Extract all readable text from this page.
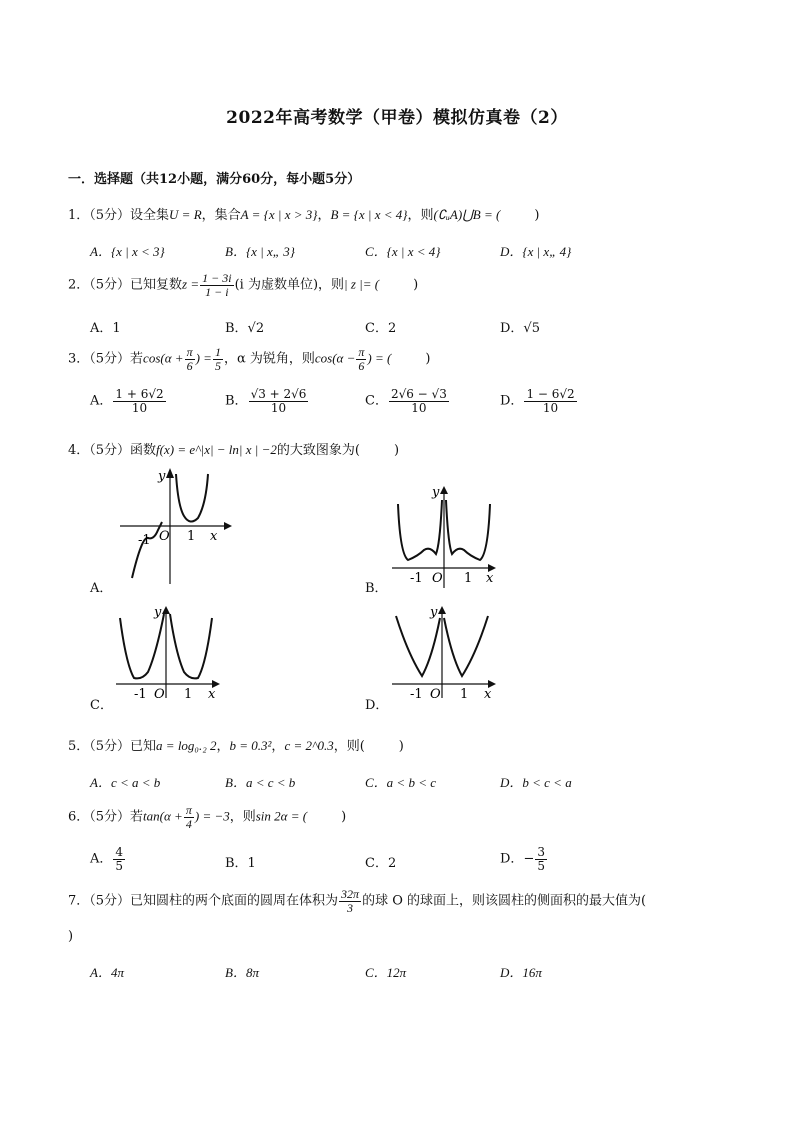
2022年高考数学（甲卷）模拟仿真卷（2）
一．选择题（共12小题，满分60分，每小题5分）
1．（5分）设全集U = R，集合A = {x | x > 3}，B = {x | x < 4}，则(∁ᵤA)⋃B = (	)
A．{x | x < 3}	B．{x | x„ 3}	C．{x | x < 4}	D．{x | x„ 4}
2．（5分）已知复数$z = \frac{1 - 3i}{1 - i} (i$ 为虚数单位)，则| z |= (	)
A．1	B．√2	C．2	D．√5
3．（5分）若$\cos(\alpha + \frac{\pi}{6}$ ) = $\frac{1}{5}$ ，α 为锐角，则$\cos(\alpha - \frac{\pi}{6}$ ) = (	)
A． $\frac{1 + 6√2}{10}$	B． $\frac{√3 + 2√6}{10}$	C． $\frac{2√6 - √3}{10}$	D． $\frac{1 - 6√2}{10}$
4．（5分）函数f(x) = e^|x| − ln| x | −2的大致图象为(	)
y
x
O
-1	1
A．
y
x
O
-1	1
B．
y
x
O
-1	1
C．
y
x
O
-1	1
D．
5．（5分）已知a = log₀.₂ 2，b = 0.3²，c = 2^0.3，则(	)
A．c < a < b	B．a < c < b	C．a < b < c	D．b < c < a
6．（5分）若$\tan(\alpha + \frac{\pi}{4}$ ) = −3，则sin 2α = (	)
A． $\frac{4}{5}$	B．1	C．2	D．− $\frac{3}{5}$
7．（5分）已知圆柱的两个底面的圆周在体积为 $\frac{32\pi}{3}$ 的球 O 的球面上，则该圆柱的侧面积的最大值为(
)
A．4π	B．8π	C．12π	D．16π
